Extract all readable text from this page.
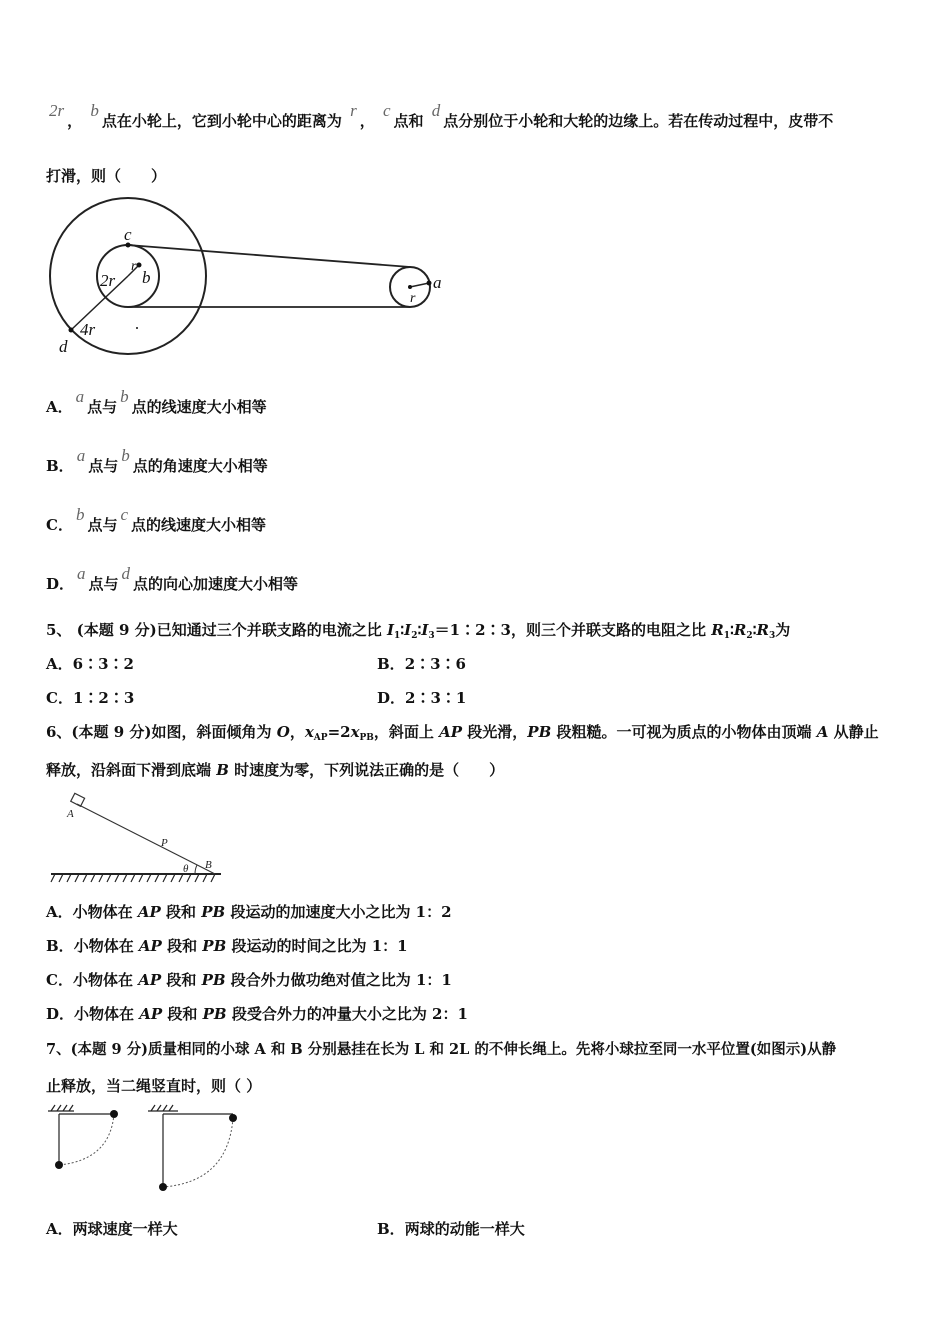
2r， b点在小轮上，它到小轮中心的距离为 r， c点和 d点分别位于小轮和大轮的边缘上。若在传动过程中，皮带不
打滑，则（　　）
c
r
b
2r
4r
d
a
r
A．a点与b点的线速度大小相等
B．a点与b点的角速度大小相等
C．b点与c点的线速度大小相等
D．a点与d点的向心加速度大小相等
5、 (本题 9 分)已知通过三个并联支路的电流之比 $I_1∶I_2∶I_3=1∶2∶3$，则三个并联支路的电阻之比 $R_1∶R_2∶R_3$为
A．6∶3∶2	B．2∶3∶6
C．1∶2∶3	D．2∶3∶1
6、(本题 9 分)如图，斜面倾角为 O，$x_{AP}=2x_{PB}$，斜面上 AP 段光滑，PB 段粗糙。一可视为质点的小物体由顶端 A 从静止
释放，沿斜面下滑到底端 B 时速度为零，下列说法正确的是（　　）
A
P
B
θ
A．小物体在 AP 段和 PB 段运动的加速度大小之比为 1：2
B．小物体在 AP 段和 PB 段运动的时间之比为 1：1
C．小物体在 AP 段和 PB 段合外力做功绝对值之比为 1：1
D．小物体在 AP 段和 PB 段受合外力的冲量大小之比为 2：1
7、(本题 9 分)质量相同的小球 A 和 B 分别悬挂在长为 L 和 2L 的不伸长绳上。先将小球拉至同一水平位置(如图示)从静
止释放，当二绳竖直时，则（ ）
A．两球速度一样大	B．两球的动能一样大
